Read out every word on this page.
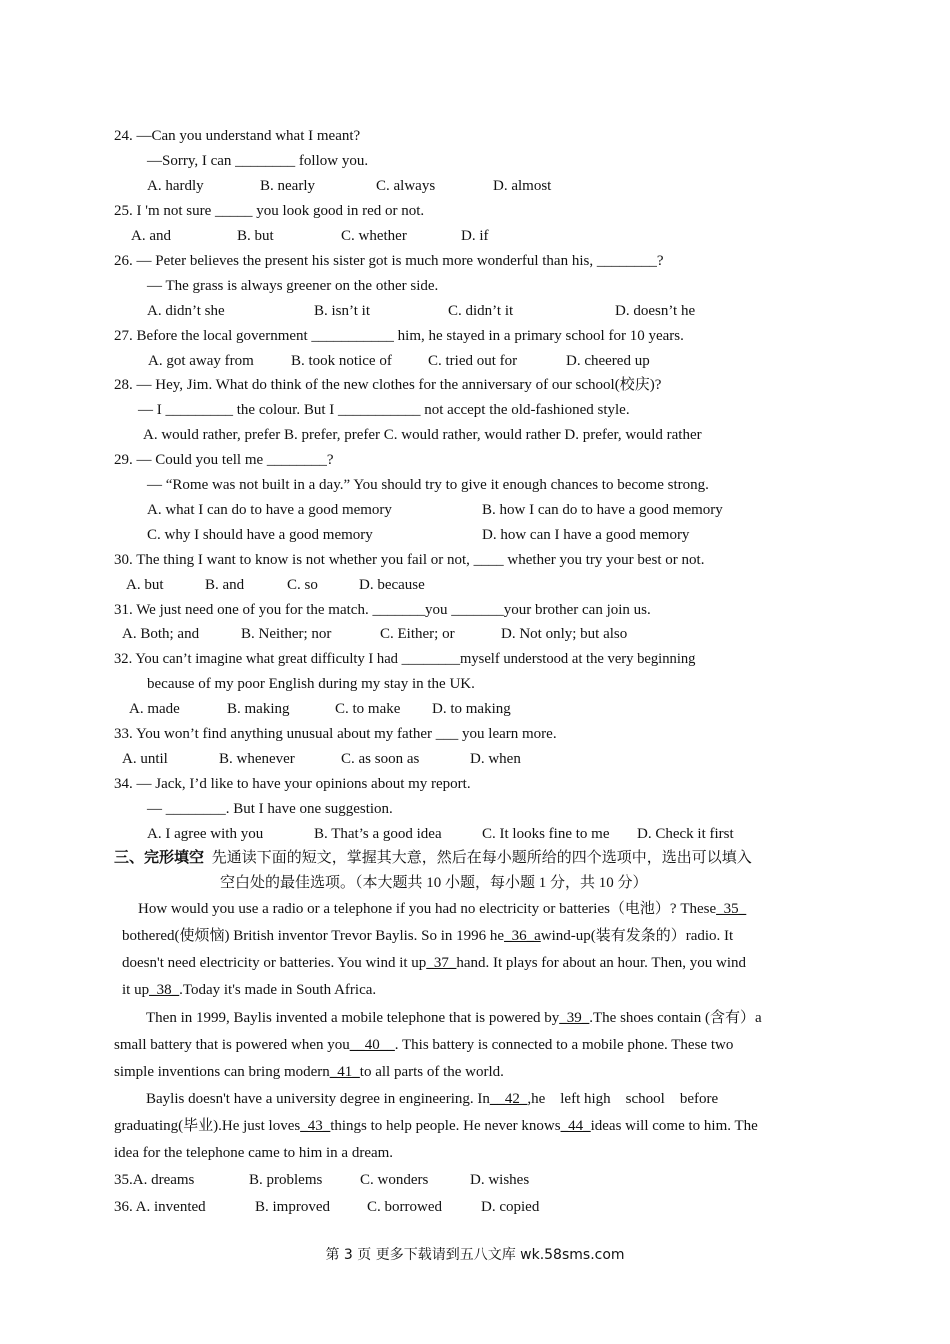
24. —Can you understand what I meant?
—Sorry, I can ________ follow you.
A. hardly	B. nearly	C. always	D. almost
25. I 'm not sure _____ you look good in red or not.
A. and	B. but	C. whether	D. if
26. — Peter believes the present his sister got is much more wonderful than his, ________?
— The grass is always greener on the other side.
A. didn’t she	B. isn’t it	C. didn’t it	D. doesn’t he
27. Before the local government ___________ him, he stayed in a primary school for 10 years.
A. got away from B. took notice of C. tried out for	D. cheered up
28. — Hey, Jim. What do think of the new clothes for the anniversary of our school(校庆)?
— I _________ the colour. But I ___________ not accept the old-fashioned style.
A. would rather, prefer B. prefer, prefer C. would rather, would rather D. prefer, would rather
29. — Could you tell me ________?
— “Rome was not built in a day.” You should try to give it enough chances to become strong.
A. what I can do to have a good memory	B. how I can do to have a good memory
C. why I should have a good memory	D. how can I have a good memory
30. The thing I want to know is not whether you fail or not, ____ whether you try your best or not.
A. but	B. and	C. so	D. because
31. We just need one of you for the match. _______you _______your brother can join us.
A. Both; and	B. Neither; nor	C. Either; or	D. Not only; but also
32. You can’t imagine what great difficulty I had ________myself understood at the very beginning
because of my poor English during my stay in the UK.
A. made	B. making	C. to make D. to making
33. You won’t find anything unusual about my father ___ you learn more.
A. until	B. whenever	C. as soon as	D. when
34. — Jack, I’d like to have your opinions about my report.
— ________. But I have one suggestion.
A. I agree with you	B. That’s a good idea	C. It looks fine to me D. Check it first
三、完形填空 先通读下面的短文，掌握其大意，然后在每小题所给的四个选项中，选出可以填入
空白处的最佳选项。（本大题共 10 小题，每小题 1 分，共 10 分）
How would you use a radio or a telephone if you had no electricity or batteries（电池）? These_35_
bothered(使烦恼) British inventor Trevor Baylis. So in 1996 he_36_awind-up(装有发条的）radio. It
doesn't need electricity or batteries. You wind it up_37_hand. It plays for about an hour. Then, you wind
it up_38_.Today it's made in South Africa.
Then in 1999, Baylis invented a mobile telephone that is powered by_39_.The shoes contain (含有）a
small battery that is powered when you__40__. This battery is connected to a mobile phone. These two
simple inventions can bring modern_41_to all parts of the world.
Baylis doesn't have a university degree in engineering. In__42_,he    left high    school    before
graduating(毕业).He just loves_43_things to help people. He never knows_44_ideas will come to him. The
idea for the telephone came to him in a dream.
35.A. dreams	B. problems	C. wonders	D. wishes
36. A. invented	B. improved C. borrowed	D. copied
第 3 页 更多下载请到五八文库 wk.58sms.com
